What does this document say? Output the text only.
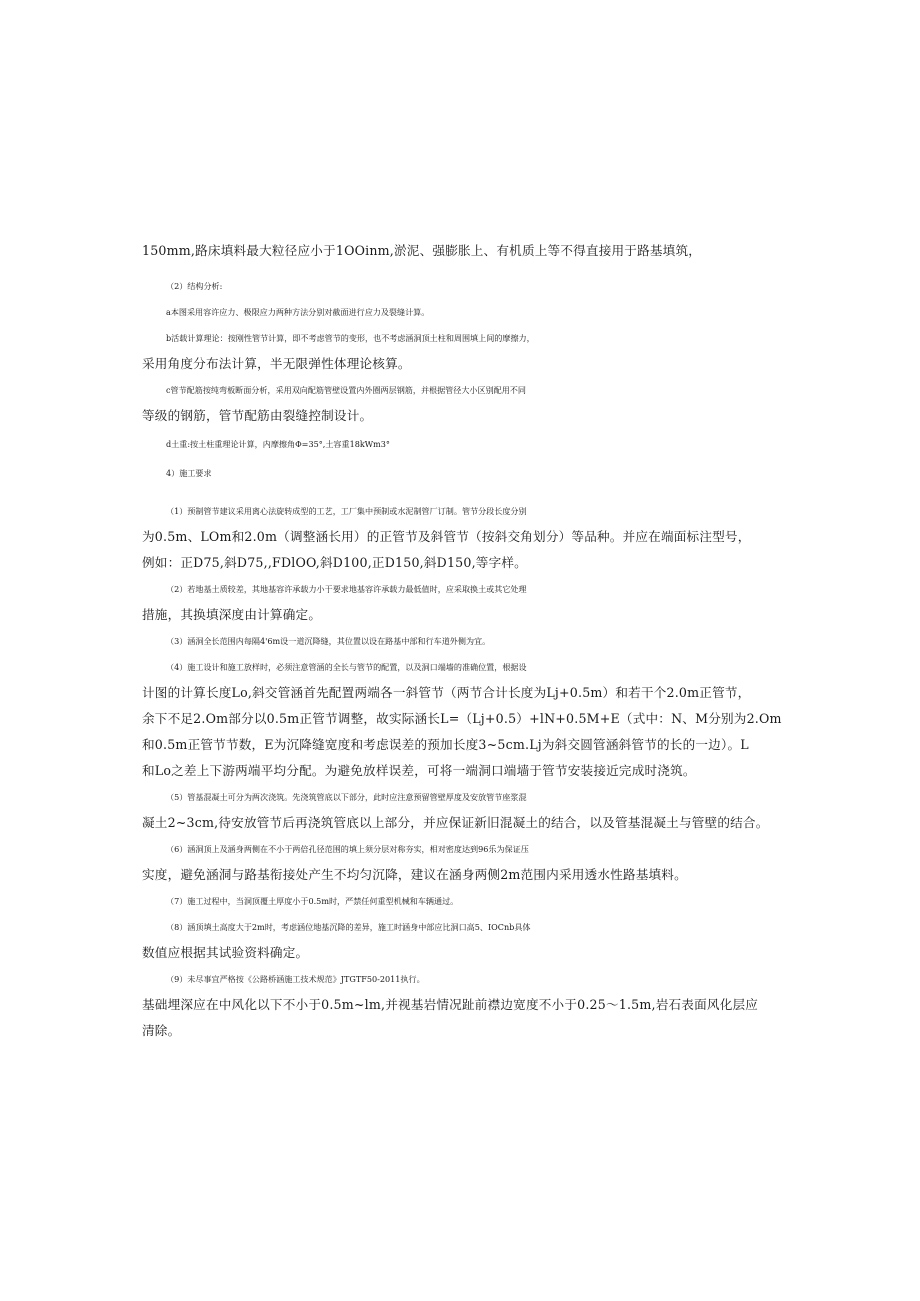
150mm,路床填料最大粒径应小于1OOinm,淤泥、强膨胀上、有机质上等不得直接用于路基填筑，
（2）结构分析:
a本图采用容许应力、极限应力两种方法分别对截面进行应力及裂缝计算。
b活载计算理论：按刚性管节计算，即不考虑管节的变形，也不考虑涵洞顶土柱和周围填上间的摩擦力，
采用角度分布法计算，半无限弹性体理论核算。
c管节配筋按纯弯板断面分析，采用双向配筋管壁设置内外圈两层钢筋，并根据管径大小区别配用不同
等级的钢筋，管节配筋由裂缝控制设计。
d土重:按土柱重理论计算，内摩擦角Φ=35°,土容重18kWm3°
4）施工要求
（1）预制管节建议采用离心法旋转成型的工艺，工厂集中预制或水泥制管厂订制。管节分段长度分别
为0.5m、LOm和2.0m（调整涵长用）的正管节及斜管节（按斜交角划分）等品种。并应在端面标注型号，
例如：正D75,斜D75,,FDlOO,斜D100,正D150,斜D150,等字样。
（2）若地基土质较差，其地基容许承载力小于要求地基容许承载力最低值时，应采取换土或其它处理
措施，其换填深度由计算确定。
（3）涵洞全长范围内每隔4'6m设一道沉降缝，其位置以设在路基中部和行车道外侧为宜。
（4）施工设计和施工放样时，必须注意管涵的全长与管节的配置，以及洞口端墙的准确位置，根据设
计图的计算长度Lo,斜交管涵首先配置两端各一斜管节（两节合计长度为Lj+0.5m）和若干个2.0m正管节，
余下不足2.Om部分以0.5m正管节调整，故实际涵长L=（Lj+0.5）+lN+0.5M+E（式中：N、M分别为2.Om
和0.5m正管节节数，E为沉降缝宽度和考虑误差的预加长度3~5cm.Lj为斜交圆管涵斜管节的长的一边）。L
和Lo之差上下游两端平均分配。为避免放样误差，可将一端洞口端墙于管节安装接近完成时浇筑。
（5）管基混凝土可分为两次浇筑。先浇筑管底以下部分，此时应注意预留管壁厚度及安放管节座浆混
凝土2~3cm,待安放管节后再浇筑管底以上部分，并应保证新旧混凝土的结合，以及管基混凝土与管壁的结合。
（6）涵洞顶上及涵身两侧在不小于两倍孔径范围的填上须分层对称夯实，相对密度达到96乐为保证压
实度，避免涵洞与路基衔接处产生不均匀沉降，建议在涵身两侧2m范围内采用透水性路基填料。
（7）施工过程中，当洞顶覆土厚度小于0.5m时，严禁任何重型机械和车辆通过。
（8）涵顶填土高度大于2m时，考虑涵位地基沉降的差异，施工时涵身中部应比洞口高5、IOCnb具体
数值应根据其试验资料确定。
（9）未尽事宜严格按《公路桥涵施工技术规范》JTGTF50-2011执行。
基础埋深应在中风化以下不小于0.5m~lm,并视基岩情况趾前襟边宽度不小于0.25～1.5m,岩石表面风化层应
清除。
